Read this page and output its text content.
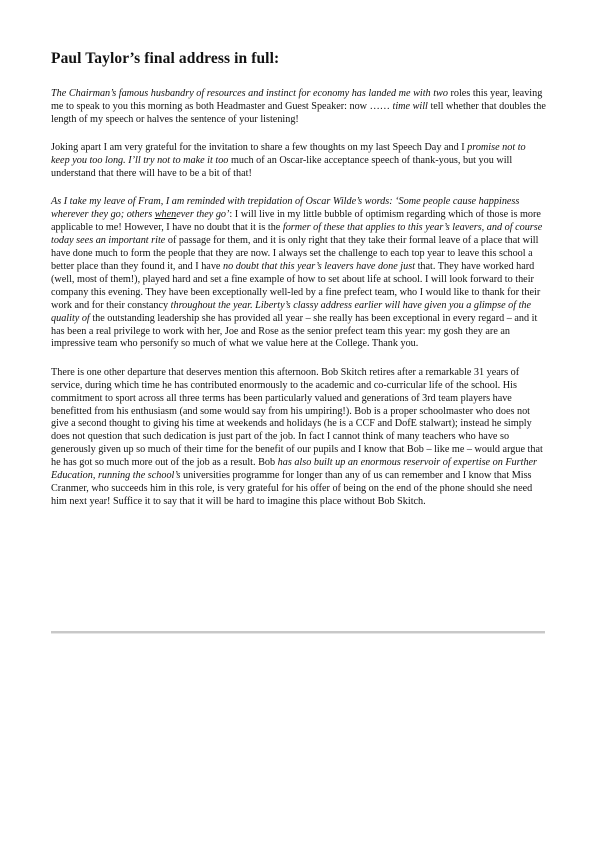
Paul Taylor’s final address in full:

The Chairman’s famous husbandry of resources and instinct for economy has landed me with two roles this year, leaving me to speak to you this morning as both Headmaster and Guest Speaker: now …… time will tell whether that doubles the length of my speech or halves the sentence of your listening!

Joking apart I am very grateful for the invitation to share a few thoughts on my last Speech Day and I promise not to keep you too long. I’ll try not to make it too much of an Oscar-like acceptance speech of thank-yous, but you will understand that there will have to be a bit of that!

As I take my leave of Fram, I am reminded with trepidation of Oscar Wilde’s words: ‘Some people cause happiness wherever they go; others whenever they go’: I will live in my little bubble of optimism regarding which of those is more applicable to me! However, I have no doubt that it is the former of these that applies to this year’s leavers, and of course today sees an important rite of passage for them, and it is only right that they take their formal leave of a place that will have done much to form the people that they are now. I always set the challenge to each top year to leave this school a better place than they found it, and I have no doubt that this year’s leavers have done just that. They have worked hard (well, most of them!), played hard and set a fine example of how to set about life at school. I will look forward to their company this evening. They have been exceptionally well-led by a fine prefect team, who I would like to thank for their work and for their constancy throughout the year. Liberty’s classy address earlier will have given you a glimpse of the quality of the outstanding leadership she has provided all year – she really has been exceptional in every regard – and it has been a real privilege to work with her, Joe and Rose as the senior prefect team this year: my gosh they are an impressive team who personify so much of what we value here at the College. Thank you.

There is one other departure that deserves mention this afternoon. Bob Skitch retires after a remarkable 31 years of service, during which time he has contributed enormously to the academic and co-curricular life of the school. His commitment to sport across all three terms has been particularly valued and generations of 3rd team players have benefitted from his enthusiasm (and some would say from his umpiring!). Bob is a proper schoolmaster who does not give a second thought to giving his time at weekends and holidays (he is a CCF and DofE stalwart); instead he simply does not question that such dedication is just part of the job. In fact I cannot think of many teachers who have so generously given up so much of their time for the benefit of our pupils and I know that Bob – like me – would argue that he has got so much more out of the job as a result. Bob has also built up an enormous reservoir of expertise on Further Education, running the school’s universities programme for longer than any of us can remember and I know that Miss Cranmer, who succeeds him in this role, is very grateful for his offer of being on the end of the phone should she need him next year! Suffice it to say that it will be hard to imagine this place without Bob Skitch.
